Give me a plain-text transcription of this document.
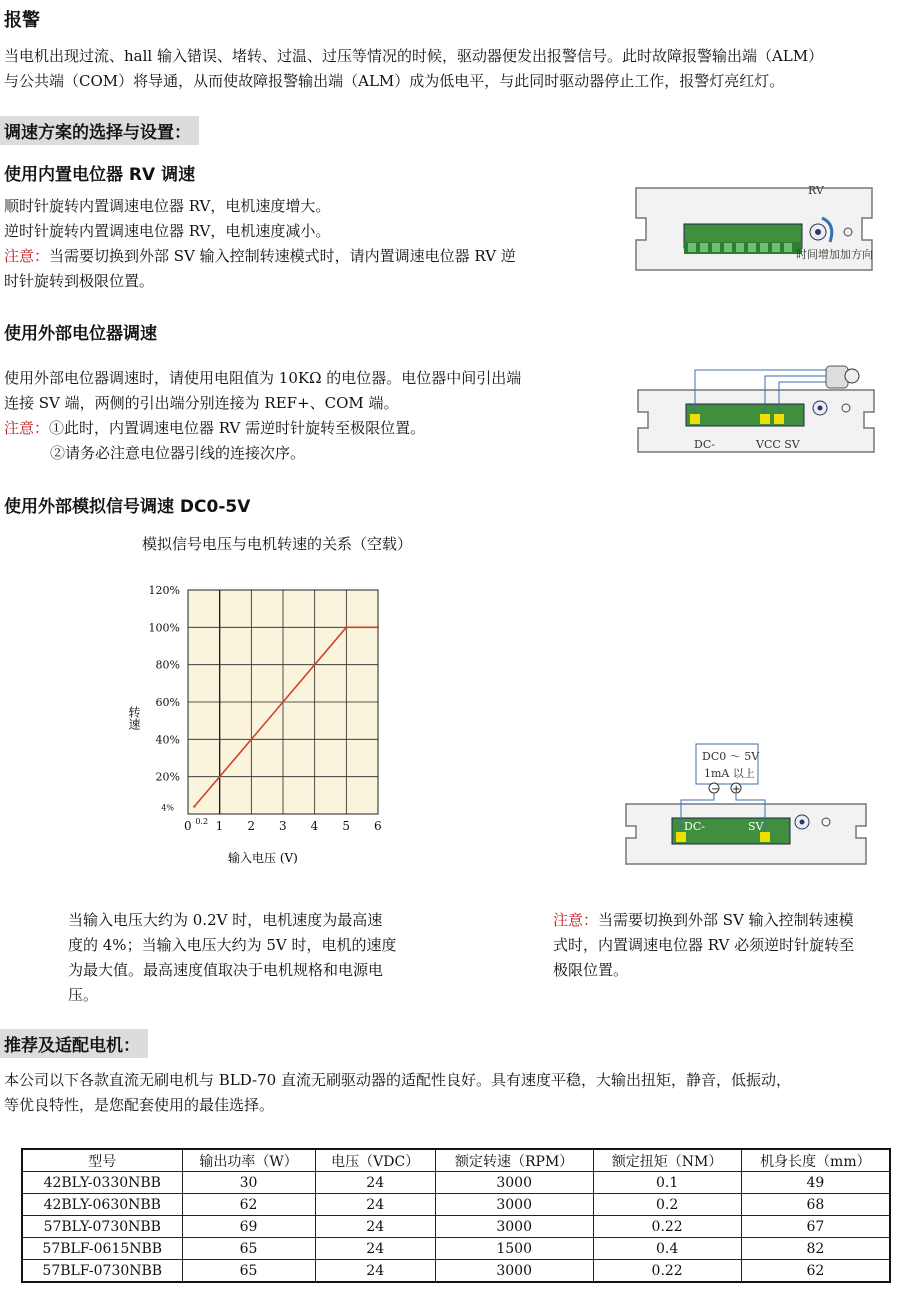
报警
当电机出现过流、hall 输入错误、堵转、过温、过压等情况的时候，驱动器便发出报警信号。此时故障报警输出端（ALM）
与公共端（COM）将导通，从而使故障报警输出端（ALM）成为低电平，与此同时驱动器停止工作，报警灯亮红灯。
调速方案的选择与设置：
使用内置电位器 RV 调速
顺时针旋转内置调速电位器 RV，电机速度增大。
逆时针旋转内置调速电位器 RV，电机速度减小。
注意：当需要切换到外部 SV 输入控制转速模式时，请内置调速电位器 RV 逆
时针旋转到极限位置。
RV
时间增加加方向
使用外部电位器调速
使用外部电位器调速时，请使用电阻值为 10KΩ 的电位器。电位器中间引出端
连接 SV 端，两侧的引出端分别连接为 REF+、COM 端。
注意：①此时，内置调速电位器 RV 需逆时针旋转至极限位置。
②请务必注意电位器引线的连接次序。	DC-	VCC SV
使用外部模拟信号调速 DC0-5V
模拟信号电压与电机转速的关系（空载）
0 0.2 1 2 3 4 5 6
4%
20%
40%
60%
80%
100%
120%
转速
输入电压 (V)
DC0 ～ 5V
1mA 以上
− +
DC-	SV
当输入电压大约为 0.2V 时，电机速度为最高速
度的 4%；当输入电压大约为 5V 时，电机的速度
为最大值。最高速度值取决于电机规格和电源电
压。
注意：当需要切换到外部 SV 输入控制转速模
式时，内置调速电位器 RV 必须逆时针旋转至
极限位置。
推荐及适配电机：
本公司以下各款直流无刷电机与 BLD-70 直流无刷驱动器的适配性良好。具有速度平稳，大输出扭矩，静音，低振动，
等优良特性，是您配套使用的最佳选择。
型号	输出功率（W）	电压（VDC）	额定转速（RPM）	额定扭矩（NM）	机身长度（mm）
42BLY-0330NBB	30	24	3000	0.1	49
42BLY-0630NBB	62	24	3000	0.2	68
57BLY-0730NBB	69	24	3000	0.22	67
57BLF-0615NBB	65	24	1500	0.4	82
57BLF-0730NBB	65	24	3000	0.22	62
